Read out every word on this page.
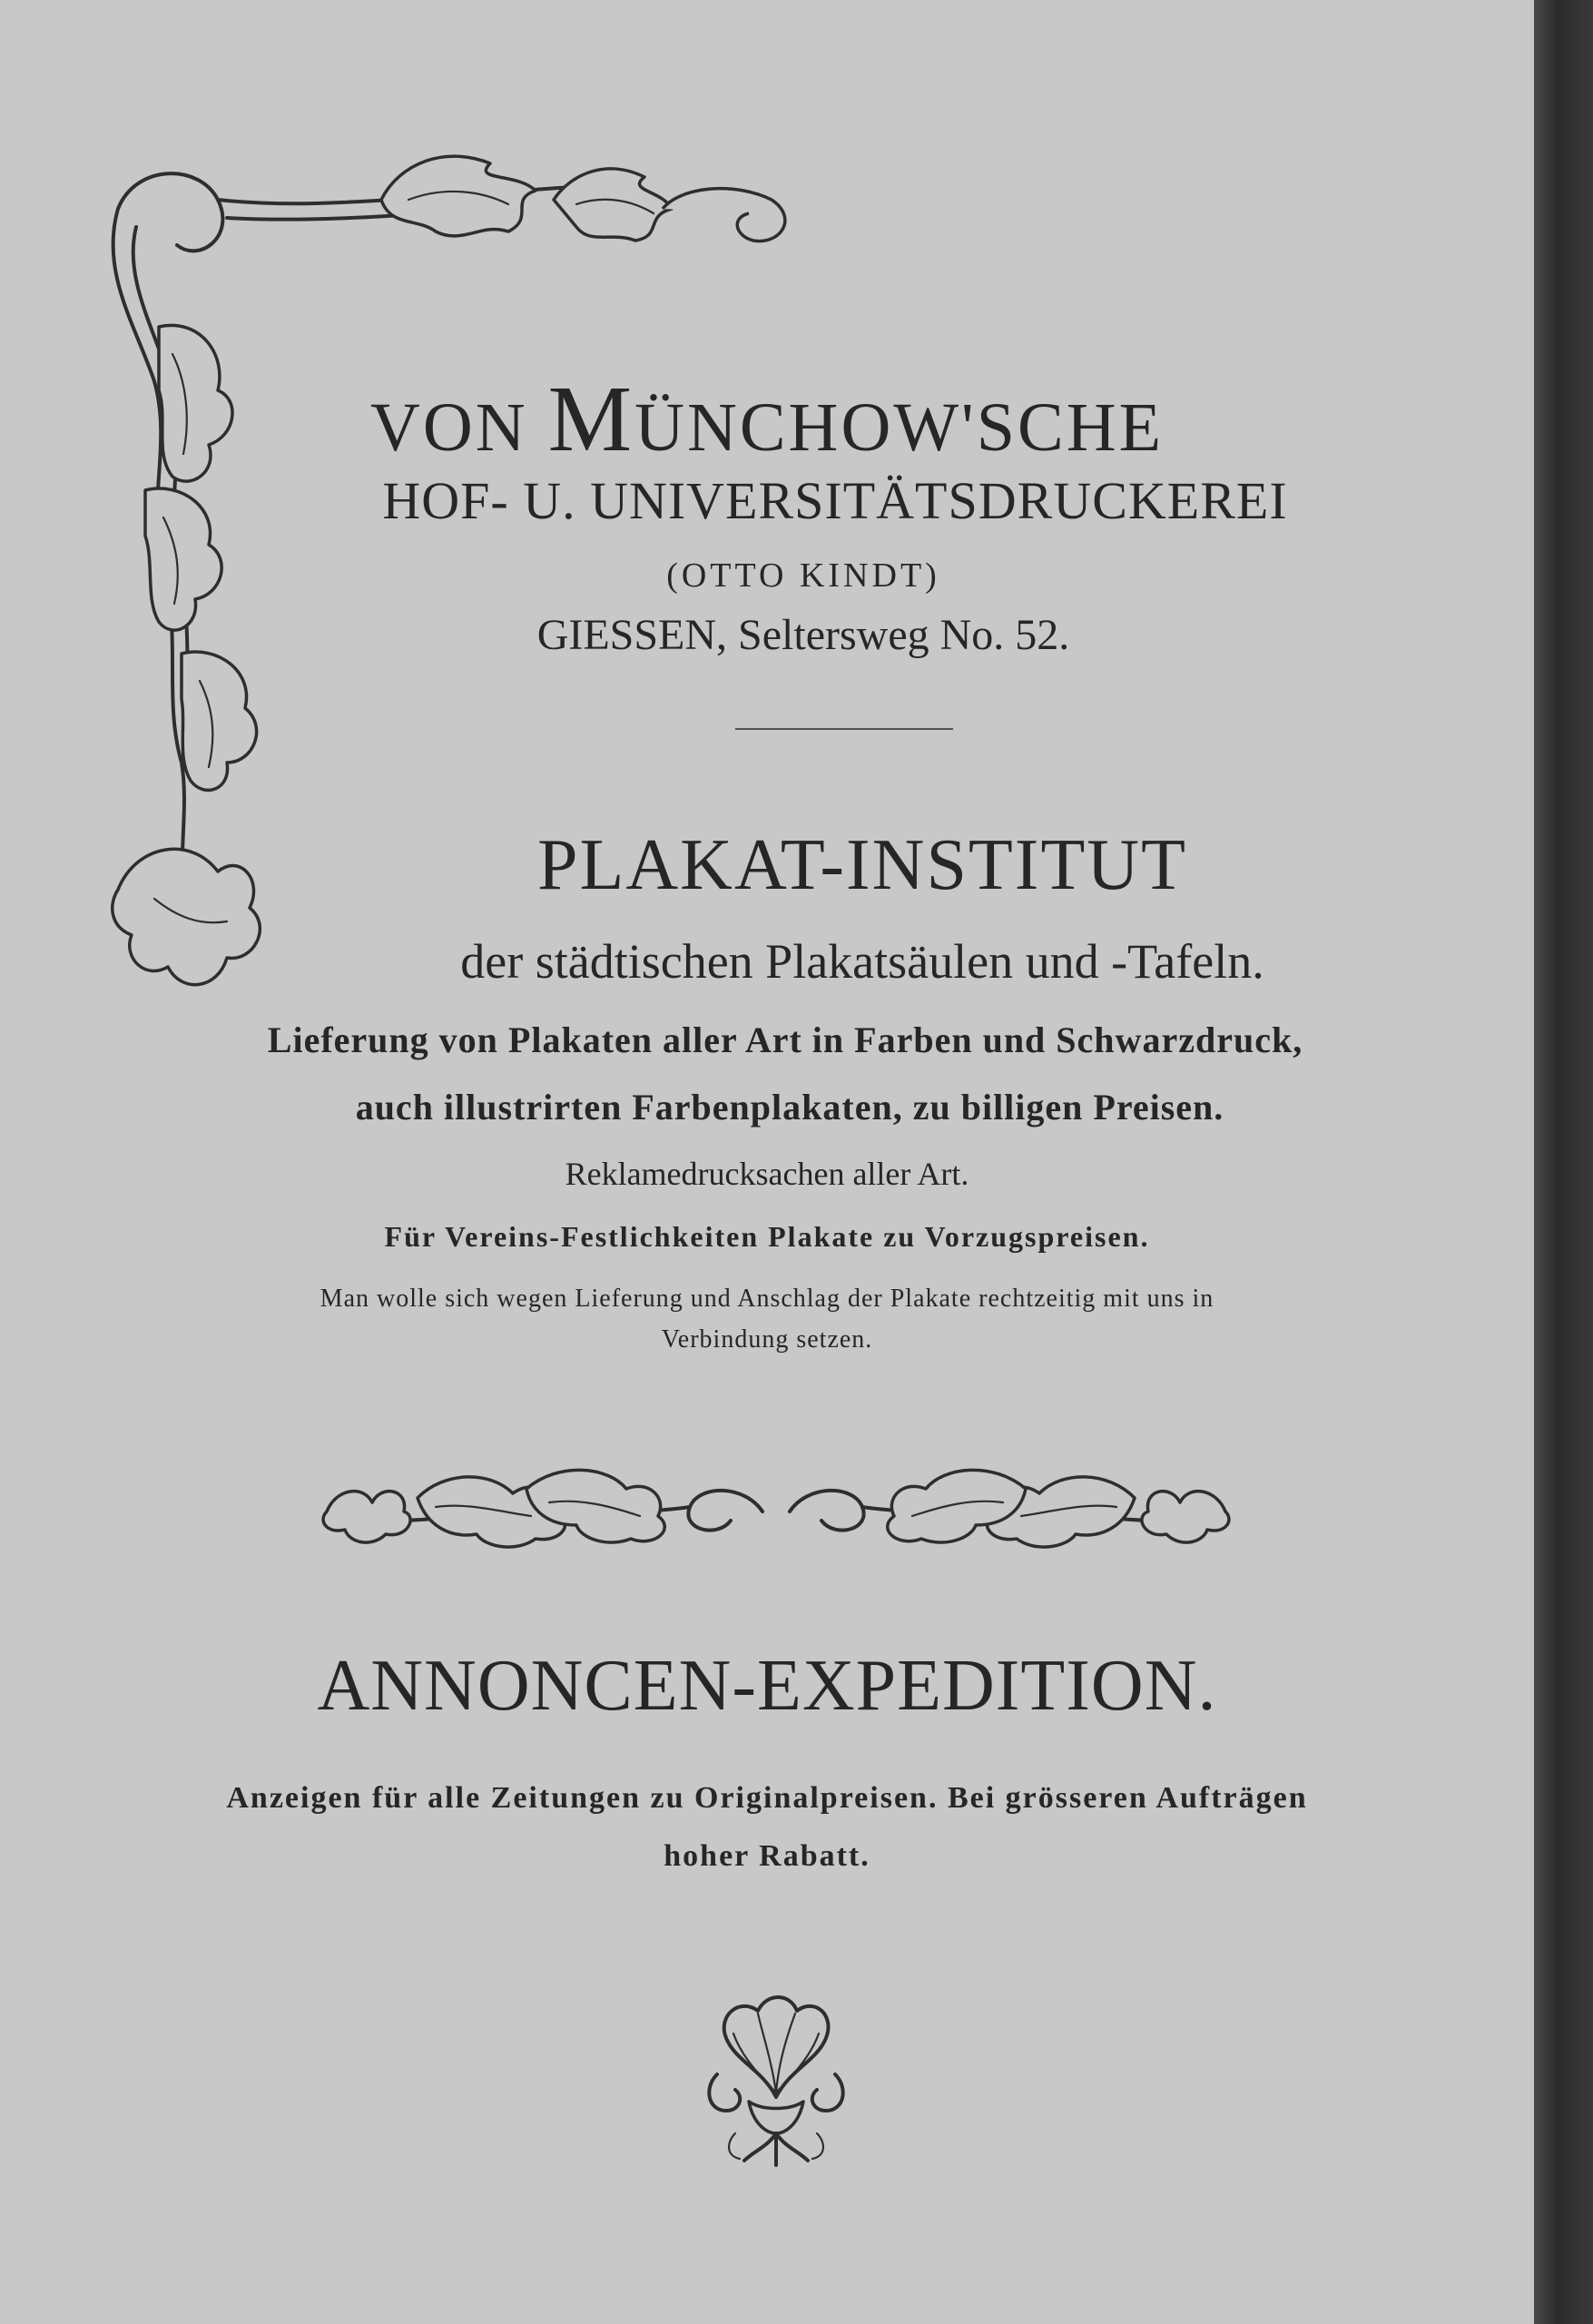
VON MÜNCHOW'SCHE
HOF- U. UNIVERSITÄTSDRUCKEREI
(OTTO KINDT)
GIESSEN, Seltersweg No. 52.
PLAKAT-INSTITUT
der städtischen Plakatsäulen und -Tafeln.
Lieferung von Plakaten aller Art in Farben und Schwarzdruck,
auch illustrirten Farbenplakaten, zu billigen Preisen.
Reklamedrucksachen aller Art.
Für Vereins-Festlichkeiten Plakate zu Vorzugspreisen.
Man wolle sich wegen Lieferung und Anschlag der Plakate rechtzeitig mit uns in
Verbindung setzen.
ANNONCEN-EXPEDITION.
Anzeigen für alle Zeitungen zu Originalpreisen. Bei grösseren Aufträgen
hoher Rabatt.
